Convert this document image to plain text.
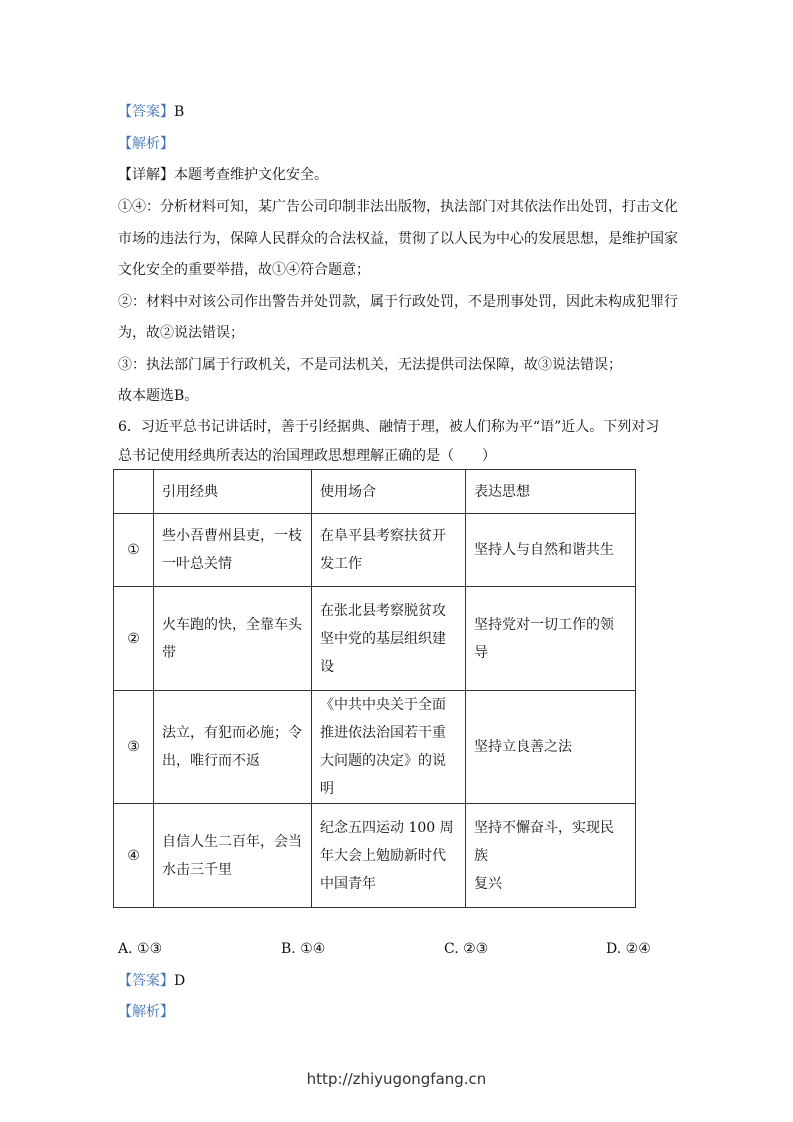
【答案】B
【解析】
【详解】本题考查维护文化安全。
①④：分析材料可知，某广告公司印制非法出版物，执法部门对其依法作出处罚，打击文化
市场的违法行为，保障人民群众的合法权益，贯彻了以人民为中心的发展思想，是维护国家
文化安全的重要举措，故①④符合题意；
②：材料中对该公司作出警告并处罚款，属于行政处罚，不是刑事处罚，因此未构成犯罪行
为，故②说法错误；
③：执法部门属于行政机关，不是司法机关，无法提供司法保障，故③说法错误；
故本题选B。
6．习近平总书记讲话时，善于引经据典、融情于理，被人们称为平“语”近人。下列对习
总书记使用经典所表达的治国理政思想理解正确的是（　　）
	引用经典	使用场合	表达思想
①	些小吾曹州县吏，一枝
一叶总关情	在阜平县考察扶贫开
发工作	坚持人与自然和谐共生
②	火车跑的快，全靠车头
带	在张北县考察脱贫攻
坚中党的基层组织建
设	坚持党对一切工作的领导
③	法立，有犯而必施；令
出，唯行而不返	《中共中央关于全面
推进依法治国若干重
大问题的决定》的说明	坚持立良善之法
④	自信人生二百年，会当
水击三千里	纪念五四运动 100 周
年大会上勉励新时代
中国青年	坚持不懈奋斗，实现民族
复兴
A. ①③	B. ①④	C. ②③	D. ②④
【答案】D
【解析】
http://zhiyugongfang.cn
